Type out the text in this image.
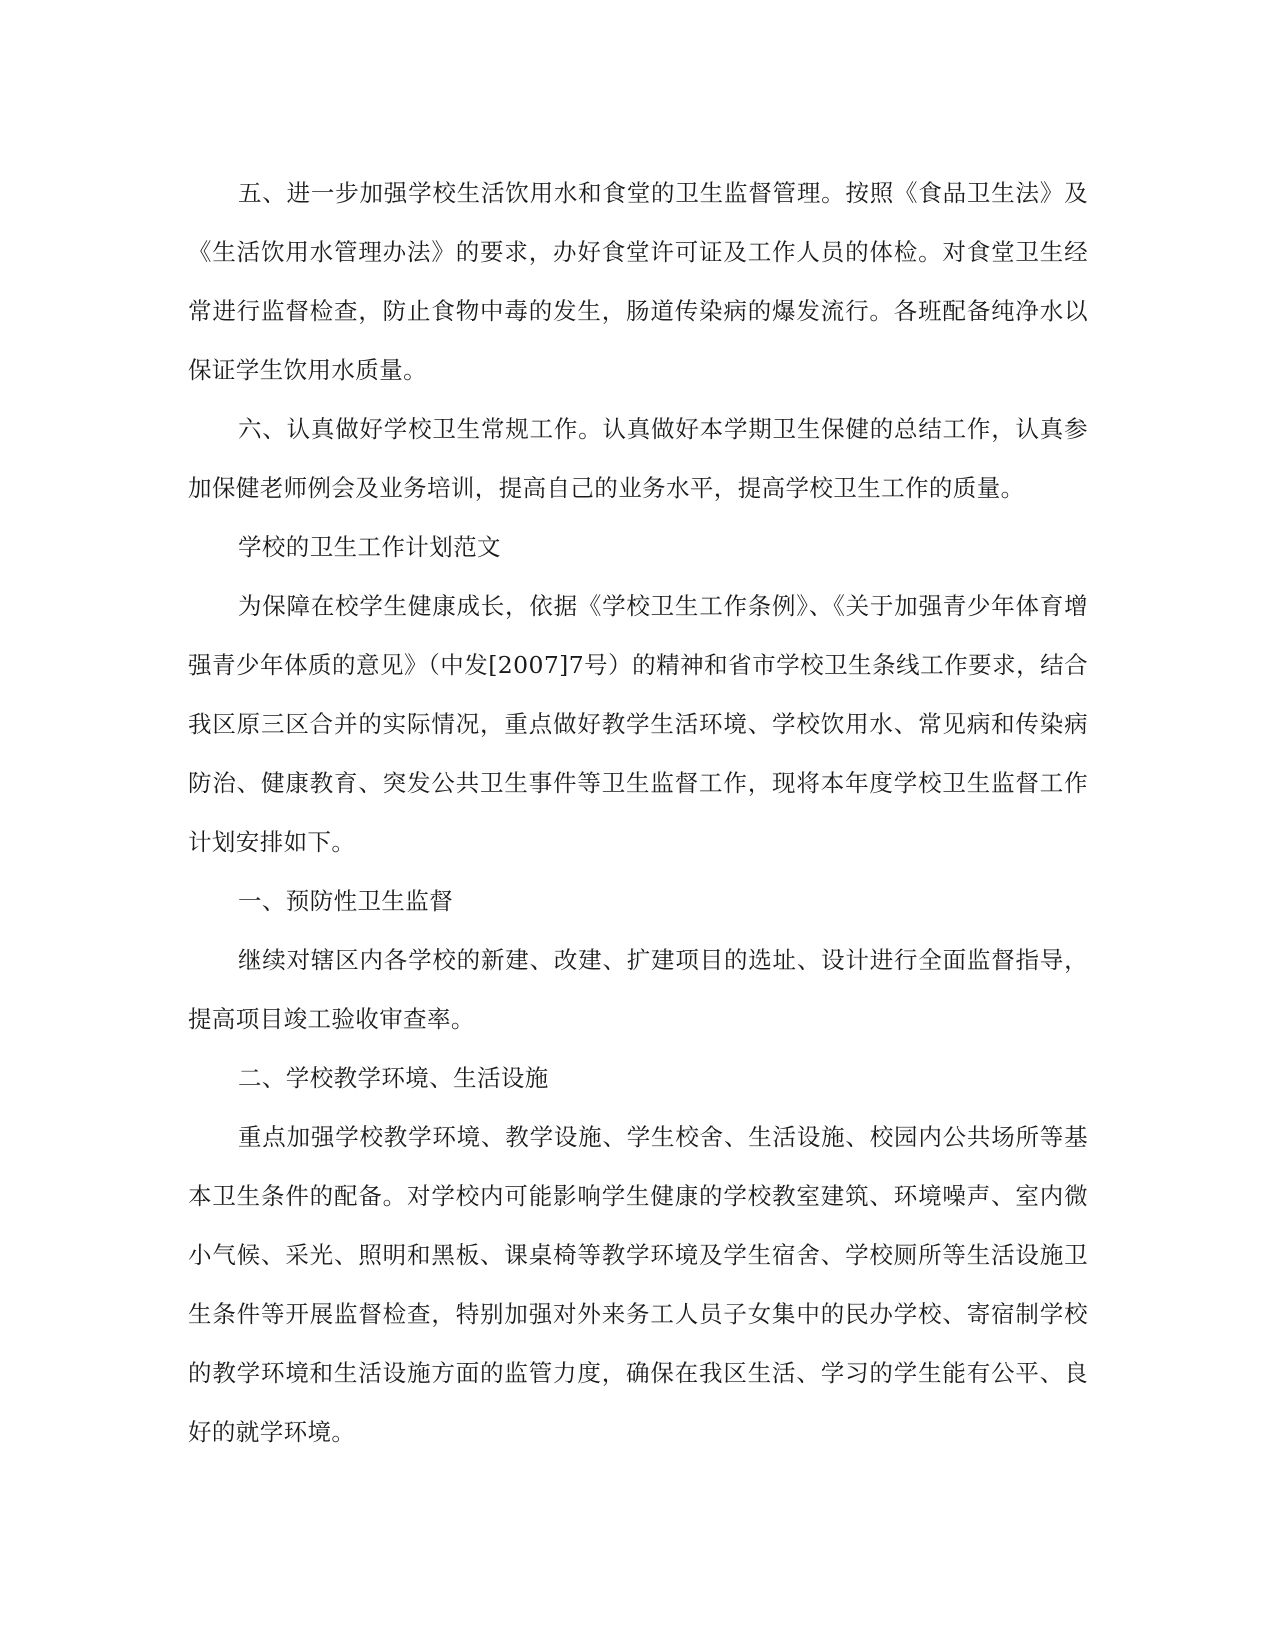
五、进一步加强学校生活饮用水和食堂的卫生监督管理。按照《食品卫生法》及《生活饮用水管理办法》的要求，办好食堂许可证及工作人员的体检。对食堂卫生经常进行监督检查，防止食物中毒的发生，肠道传染病的爆发流行。各班配备纯净水以保证学生饮用水质量。

六、认真做好学校卫生常规工作。认真做好本学期卫生保健的总结工作，认真参加保健老师例会及业务培训，提高自己的业务水平，提高学校卫生工作的质量。

学校的卫生工作计划范文

为保障在校学生健康成长，依据《学校卫生工作条例》、《关于加强青少年体育增强青少年体质的意见》（中发[2007]7号）的精神和省市学校卫生条线工作要求，结合我区原三区合并的实际情况，重点做好教学生活环境、学校饮用水、常见病和传染病防治、健康教育、突发公共卫生事件等卫生监督工作，现将本年度学校卫生监督工作计划安排如下。

一、预防性卫生监督

继续对辖区内各学校的新建、改建、扩建项目的选址、设计进行全面监督指导，提高项目竣工验收审查率。

二、学校教学环境、生活设施

重点加强学校教学环境、教学设施、学生校舍、生活设施、校园内公共场所等基本卫生条件的配备。对学校内可能影响学生健康的学校教室建筑、环境噪声、室内微小气候、采光、照明和黑板、课桌椅等教学环境及学生宿舍、学校厕所等生活设施卫生条件等开展监督检查，特别加强对外来务工人员子女集中的民办学校、寄宿制学校的教学环境和生活设施方面的监管力度，确保在我区生活、学习的学生能有公平、良好的就学环境。
